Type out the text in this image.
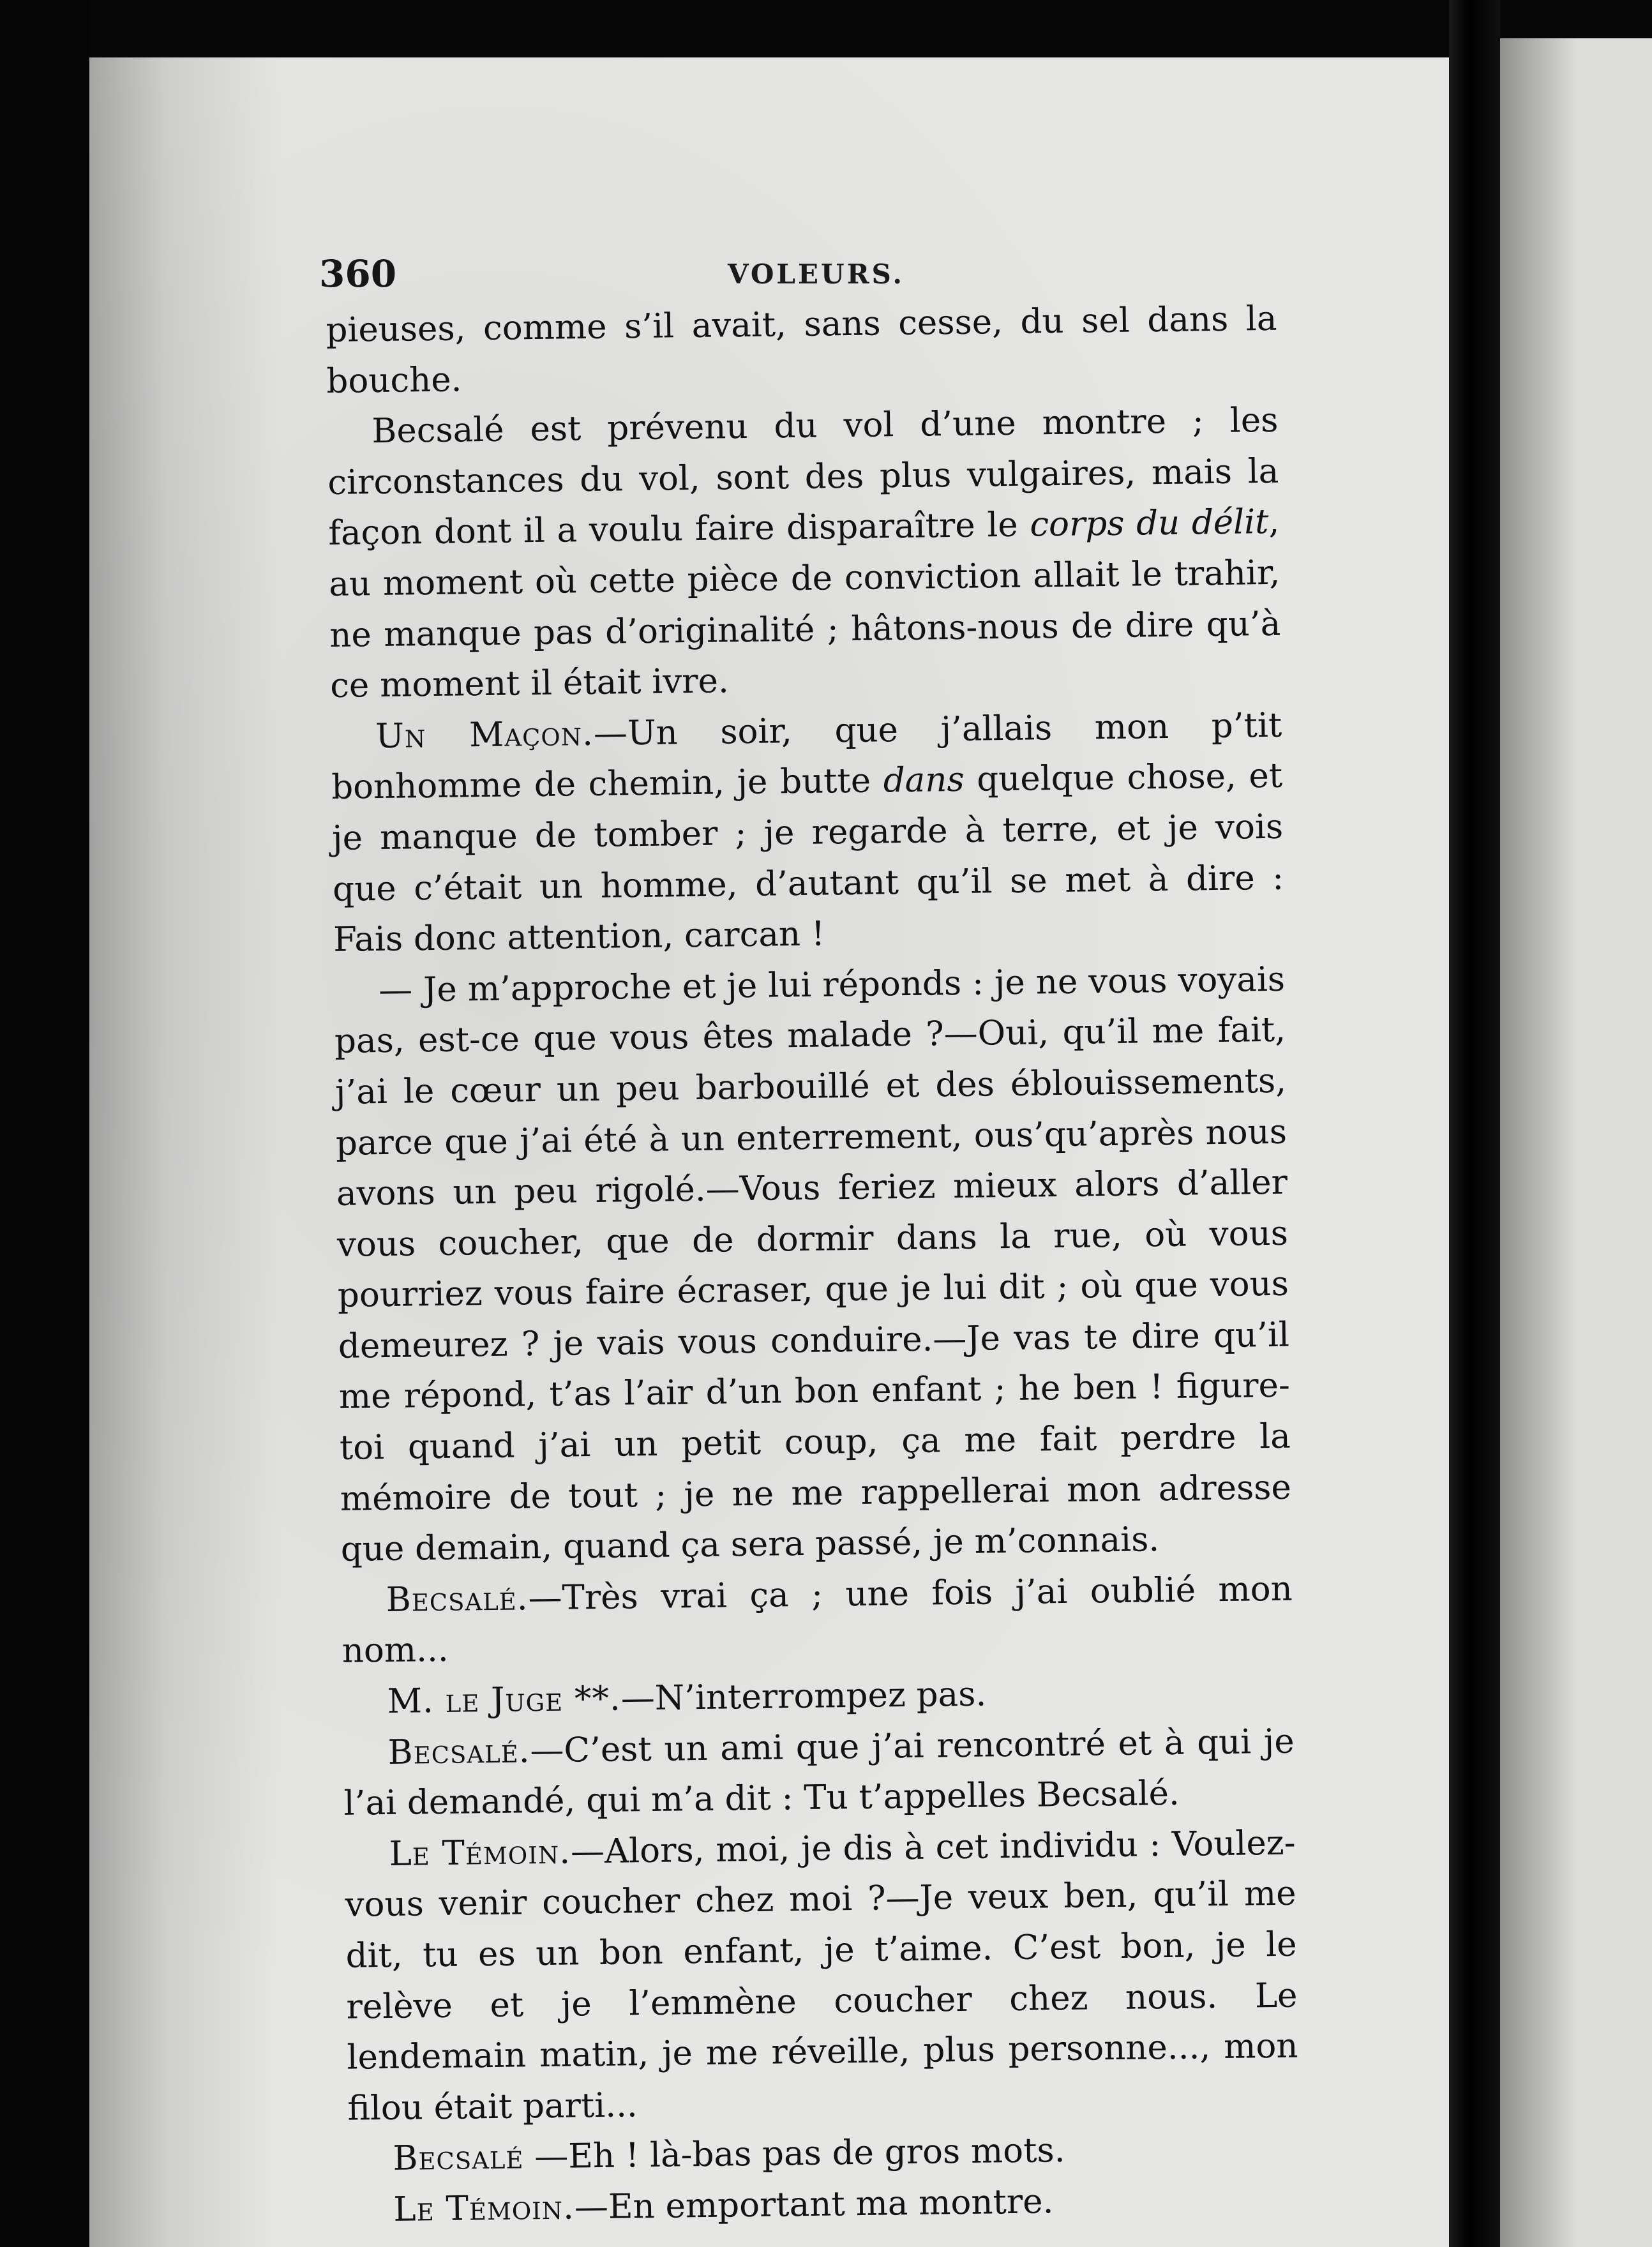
360	VOLEURS.

pieuses, comme s’il avait, sans cesse, du sel dans la bouche.

Becsalé est prévenu du vol d’une montre ; les circonstances du vol, sont des plus vulgaires, mais la façon dont il a voulu faire disparaître le corps du délit, au moment où cette pièce de conviction allait le trahir, ne manque pas d’originalité ; hâtons-nous de dire qu’à ce moment il était ivre.

Un Maçon.—Un soir, que j’allais mon p’tit bonhomme de chemin, je butte dans quelque chose, et je manque de tomber ; je regarde à terre, et je vois que c’était un homme, d’autant qu’il se met à dire : Fais donc attention, carcan !

— Je m’approche et je lui réponds : je ne vous voyais pas, est-ce que vous êtes malade ?—Oui, qu’il me fait, j’ai le cœur un peu barbouillé et des éblouissements, parce que j’ai été à un enterrement, ous’qu’après nous avons un peu rigolé.—Vous feriez mieux alors d’aller vous coucher, que de dormir dans la rue, où vous pourriez vous faire écraser, que je lui dit ; où que vous demeurez ? je vais vous conduire.—Je vas te dire qu’il me répond, t’as l’air d’un bon enfant ; he ben ! figure-toi quand j’ai un petit coup, ça me fait perdre la mémoire de tout ; je ne me rappellerai mon adresse que demain, quand ça sera passé, je m’connais.

Becsalé.—Très vrai ça ; une fois j’ai oublié mon nom...

M. le Juge **.—N’interrompez pas.

Becsalé.—C’est un ami que j’ai rencontré et à qui je l’ai demandé, qui m’a dit : Tu t’appelles Becsalé.

Le Témoin.—Alors, moi, je dis à cet individu : Voulez-vous venir coucher chez moi ?—Je veux ben, qu’il me dit, tu es un bon enfant, je t’aime. C’est bon, je le relève et je l’emmène coucher chez nous. Le lendemain matin, je me réveille, plus personne..., mon filou était parti...

Becsalé —Eh ! là-bas pas de gros mots.

Le Témoin.—En emportant ma montre.
